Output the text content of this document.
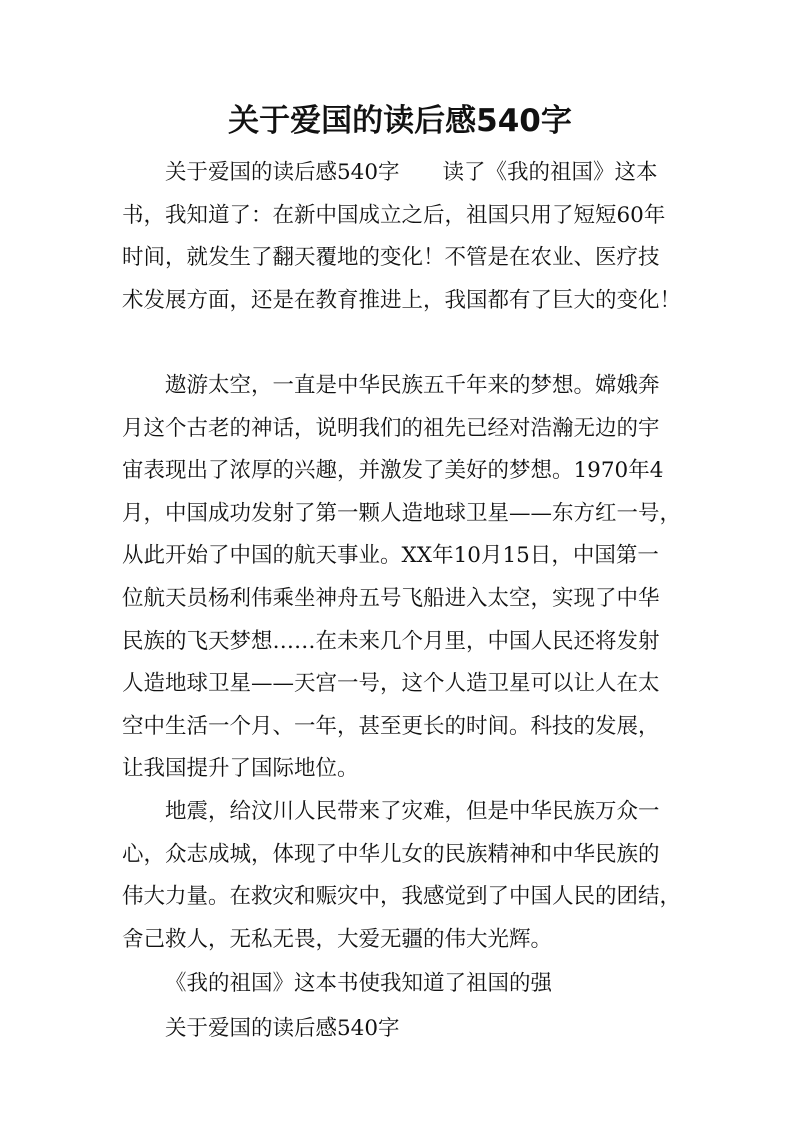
关于爱国的读后感540字
关于爱国的读后感540字　　读了《我的祖国》这本
书，我知道了：在新中国成立之后，祖国只用了短短60年
时间，就发生了翻天覆地的变化！不管是在农业、医疗技
术发展方面，还是在教育推进上，我国都有了巨大的变化！
遨游太空，一直是中华民族五千年来的梦想。嫦娥奔
月这个古老的神话，说明我们的祖先已经对浩瀚无边的宇
宙表现出了浓厚的兴趣，并激发了美好的梦想。1970年4
月，中国成功发射了第一颗人造地球卫星——东方红一号，
从此开始了中国的航天事业。XX年10月15日，中国第一
位航天员杨利伟乘坐神舟五号飞船进入太空，实现了中华
民族的飞天梦想……在未来几个月里，中国人民还将发射
人造地球卫星——天宫一号，这个人造卫星可以让人在太
空中生活一个月、一年，甚至更长的时间。科技的发展，
让我国提升了国际地位。
地震，给汶川人民带来了灾难，但是中华民族万众一
心，众志成城，体现了中华儿女的民族精神和中华民族的
伟大力量。在救灾和赈灾中，我感觉到了中国人民的团结，
舍己救人，无私无畏，大爱无疆的伟大光辉。
《我的祖国》这本书使我知道了祖国的强
关于爱国的读后感540字
